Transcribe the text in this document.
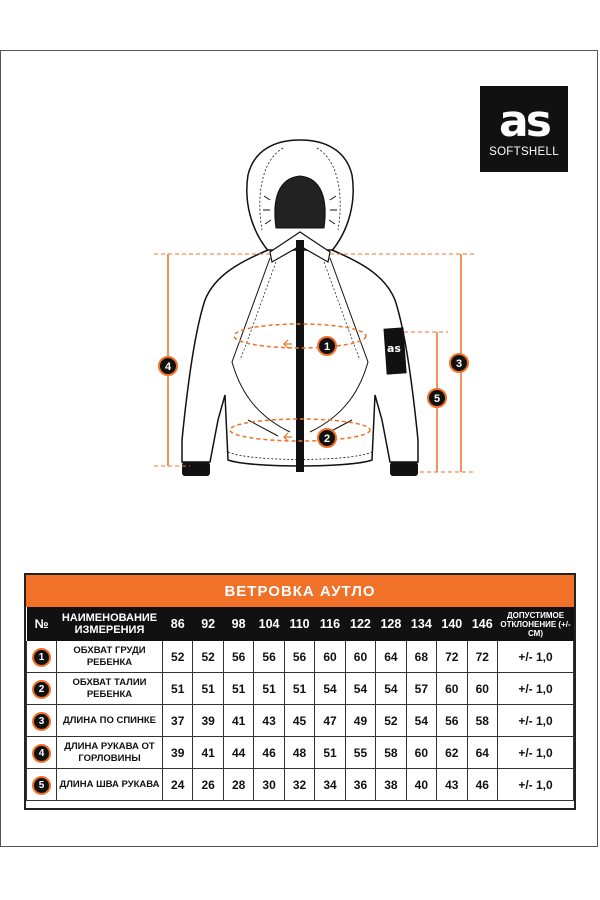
as
SOFTSHELL
as
1
2
3
4
5
ВЕТРОВКА АУТЛО
№	НАИМЕНОВАНИЕ ИЗМЕРЕНИЯ	86	92	98	104	110	116	122	128	134	140	146	ДОПУСТИМОЕ ОТКЛОНЕНИЕ (+/-СМ)
1	ОБХВАТ ГРУДИ РЕБЕНКА	52	52	56	56	56	60	60	64	68	72	72	+/- 1,0
2	ОБХВАТ ТАЛИИ РЕБЕНКА	51	51	51	51	51	54	54	54	57	60	60	+/- 1,0
3	ДЛИНА ПО СПИНКЕ	37	39	41	43	45	47	49	52	54	56	58	+/- 1,0
4	ДЛИНА РУКАВА ОТ ГОРЛОВИНЫ	39	41	44	46	48	51	55	58	60	62	64	+/- 1,0
5	ДЛИНА ШВА РУКАВА	24	26	28	30	32	34	36	38	40	43	46	+/- 1,0
